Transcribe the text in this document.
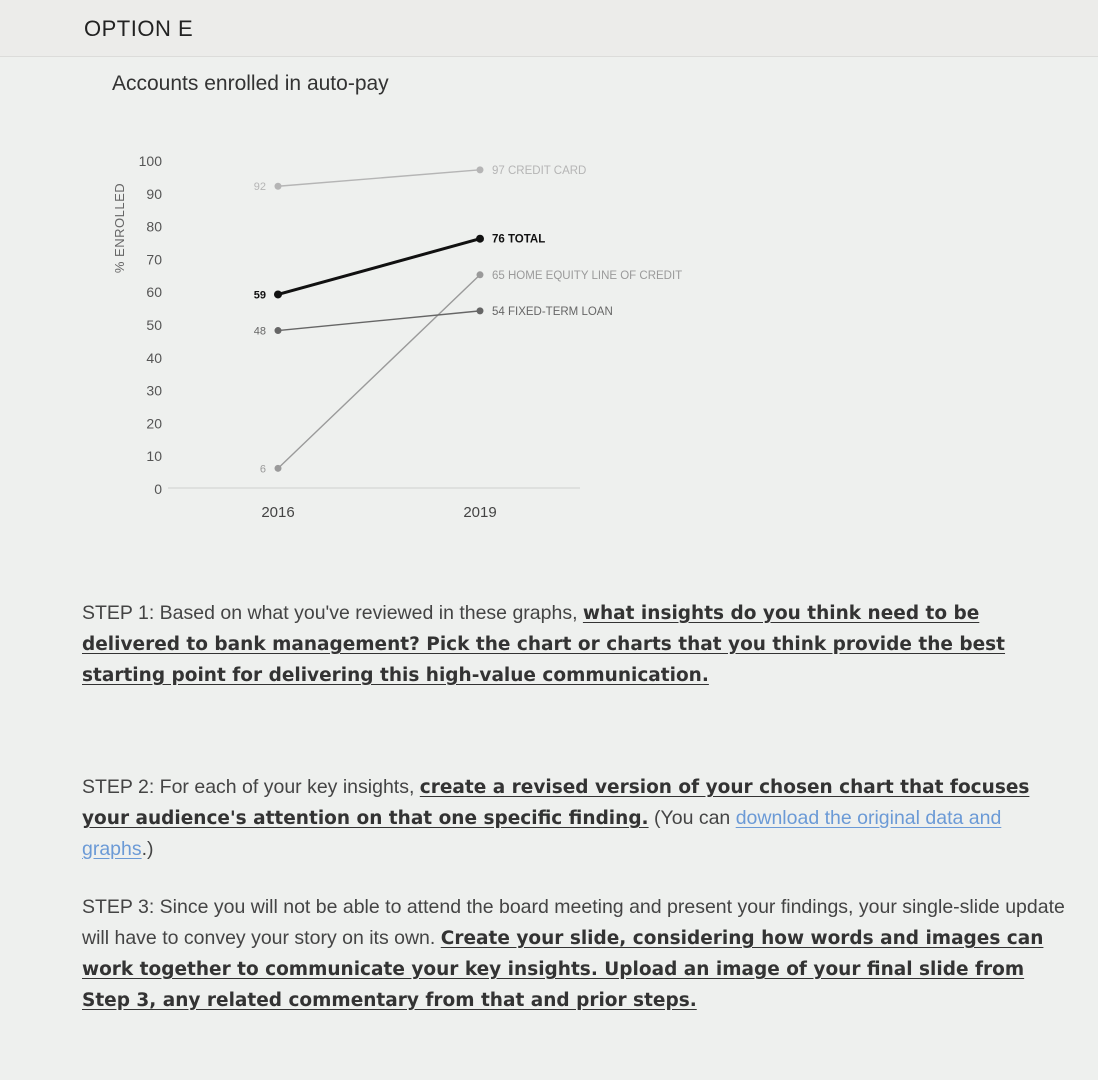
OPTION E
Accounts enrolled in auto-pay
100
90
80
70
60
50
40
30
20
10
0
% ENROLLED
2016	2019
92
97 CREDIT CARD
59
76 TOTAL
6
65 HOME EQUITY LINE OF CREDIT
48
54 FIXED-TERM LOAN
STEP 1: Based on what you've reviewed in these graphs, what insights do you think need to be delivered to bank management? Pick the chart or charts that you think provide the best starting point for delivering this high-value communication.
STEP 2: For each of your key insights, create a revised version of your chosen chart that focuses your audience's attention on that one specific finding. (You can download the original data and graphs.)
STEP 3: Since you will not be able to attend the board meeting and present your findings, your single-slide update will have to convey your story on its own. Create your slide, considering how words and images can work together to communicate your key insights. Upload an image of your final slide from Step 3, any related commentary from that and prior steps.
